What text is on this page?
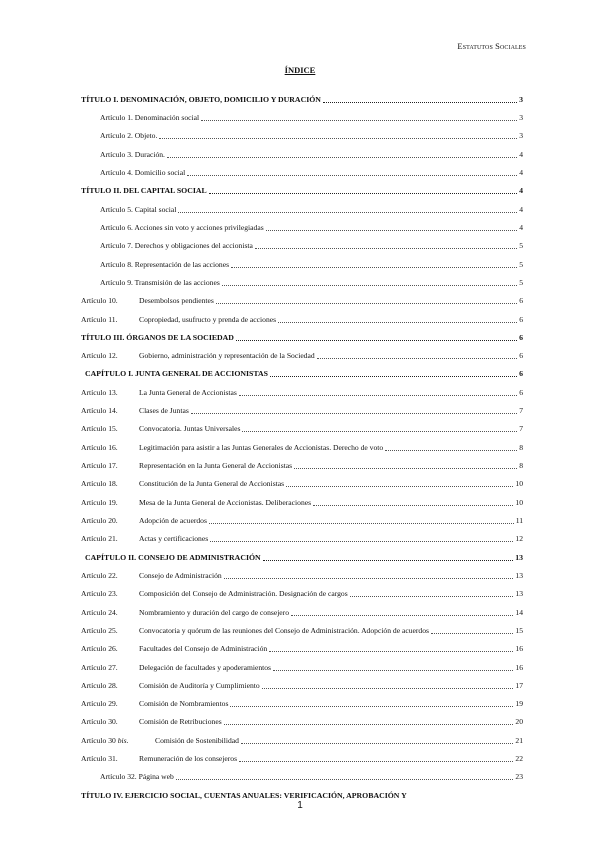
Estatutos Sociales
ÍNDICE
TÍTULO I. DENOMINACIÓN, OBJETO, DOMICILIO Y DURACIÓN	3
Artículo 1. Denominación social	3
Artículo 2. Objeto.	3
Artículo 3. Duración.	4
Artículo 4. Domicilio social	4
TÍTULO II. DEL CAPITAL SOCIAL	4
Artículo 5. Capital social	4
Artículo 6. Acciones sin voto y acciones privilegiadas	4
Artículo 7. Derechos y obligaciones del accionista	5
Artículo 8. Representación de las acciones	5
Artículo 9. Transmisión de las acciones	5
Artículo 10.	Desembolsos pendientes	6
Artículo 11.	Copropiedad, usufructo y prenda de acciones	6
TÍTULO III. ÓRGANOS DE LA SOCIEDAD	6
Artículo 12.	Gobierno, administración y representación de la Sociedad	6
CAPÍTULO I. JUNTA GENERAL DE ACCIONISTAS	6
Artículo 13.	La Junta General de Accionistas	6
Artículo 14.	Clases de Juntas	7
Artículo 15.	Convocatoria. Juntas Universales	7
Artículo 16.	Legitimación para asistir a las Juntas Generales de Accionistas. Derecho de voto	8
Artículo 17.	Representación en la Junta General de Accionistas	8
Artículo 18.	Constitución de la Junta General de Accionistas	10
Artículo 19.	Mesa de la Junta General de Accionistas. Deliberaciones	10
Artículo 20.	Adopción de acuerdos	11
Artículo 21.	Actas y certificaciones	12
CAPÍTULO II. CONSEJO DE ADMINISTRACIÓN	13
Artículo 22.	Consejo de Administración	13
Artículo 23.	Composición del Consejo de Administración. Designación de cargos	13
Artículo 24.	Nombramiento y duración del cargo de consejero	14
Artículo 25.	Convocatoria y quórum de las reuniones del Consejo de Administración. Adopción de acuerdos	15
Artículo 26.	Facultades del Consejo de Administración	16
Artículo 27.	Delegación de facultades y apoderamientos	16
Artículo 28.	Comisión de Auditoría y Cumplimiento	17
Artículo 29.	Comisión de Nombramientos	19
Artículo 30.	Comisión de Retribuciones	20
Artículo 30 bis.	Comisión de Sostenibilidad	21
Artículo 31.	Remuneración de los consejeros	22
Artículo 32. Página web	23
TÍTULO IV. EJERCICIO SOCIAL, CUENTAS ANUALES: VERIFICACIÓN, APROBACIÓN Y
1
